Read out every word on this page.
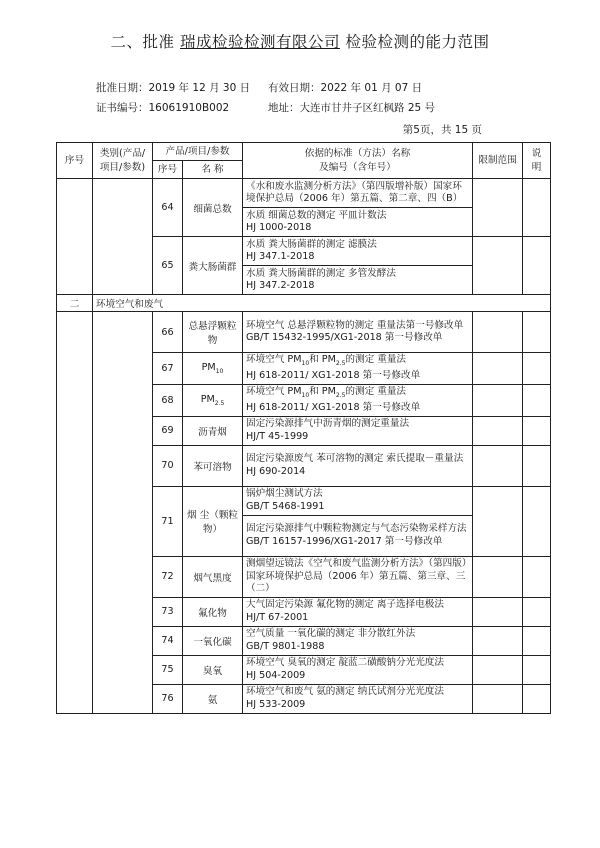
二、批准 瑞成检验检测有限公司 检验检测的能力范围
批准日期：2019 年 12 月 30 日 有效日期：2022 年 01 月 07 日
证书编号：16061910B002	地址：大连市甘井子区红枫路 25 号
第5页，共 15 页
序号	类别(产品/项目/参数)	产品/项目/参数		依据的标准（方法）名称
及编号（含年号）	限制范围	说 明
		序号	名 称			
		64	细菌总数	《水和废水监测分析方法》（第四版增补版）国家环境保护总局（2006 年）第五篇、第二章、四（B）		

				水质 细菌总数的测定 平皿计数法
HJ 1000-2018		

		65	粪大肠菌群	水质 粪大肠菌群的测定 滤膜法
HJ 347.1-2018		

				水质 粪大肠菌群的测定 多管发酵法
HJ 347.2-2018		

二	环境空气和废气					
		66	总悬浮颗粒物	环境空气 总悬浮颗粒物的测定 重量法第一号修改单
GB/T 15432-1995/XG1-2018 第一号修改单		

		67	$PM_{10}$	环境空气 $PM_{10}$和 $PM_{2.5}$的测定 重量法
HJ 618-2011/ XG1-2018 第一号修改单		

		68	$PM_{2.5}$	环境空气 $PM_{10}$和 $PM_{2.5}$的测定 重量法
HJ 618-2011/ XG1-2018 第一号修改单		

		69	沥青烟	固定污染源排气中沥青烟的测定重量法
HJ/T 45-1999		

		70	苯可溶物	固定污染源废气 苯可溶物的测定 索氏提取－重量法
HJ 690-2014		

		71	烟 尘（颗粒物）	锅炉烟尘测试方法
GB/T 5468-1991		

				固定污染源排气中颗粒物测定与气态污染物采样方法
GB/T 16157-1996/XG1-2017 第一号修改单		

		72	烟气黑度	测烟望远镜法《空气和废气监测分析方法》（第四版）国家环境保护总局（2006 年）第五篇、第三章、三（二）		
		73	氟化物	大气固定污染源 氟化物的测定 离子选择电极法
HJ/T 67-2001		

		74	一氧化碳	空气质量 一氧化碳的测定 非分散红外法
GB/T 9801-1988		

		75	臭氧	环境空气 臭氧的测定 靛蓝二磺酸钠分光光度法
HJ 504-2009		

		76	氨	环境空气和废气 氨的测定 纳氏试剂分光光度法
HJ 533-2009		
